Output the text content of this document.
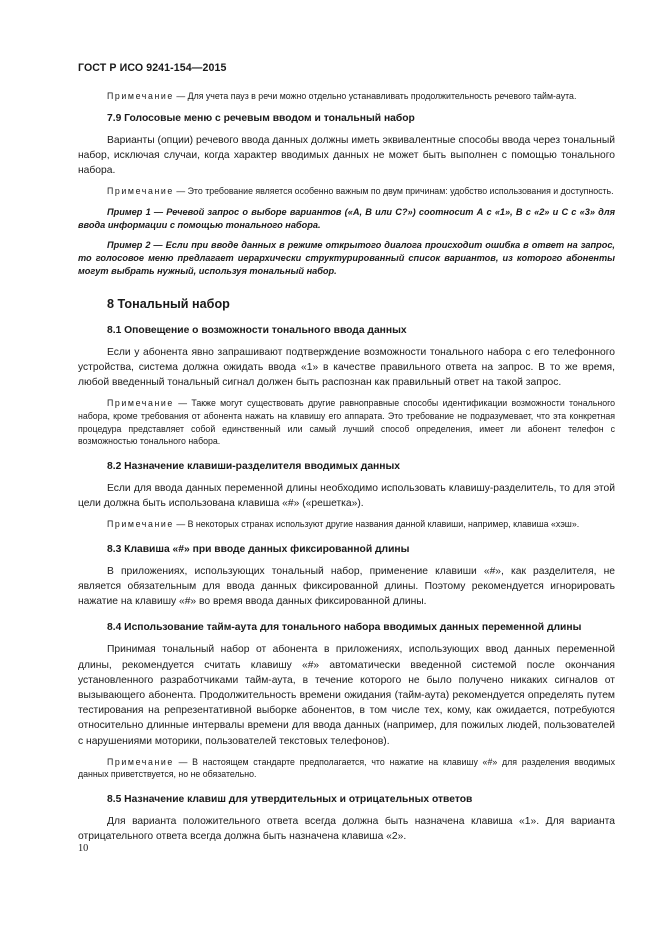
ГОСТ Р ИСО 9241-154—2015

Примечание — Для учета пауз в речи можно отдельно устанавливать продолжительность речевого тайм-аута.

7.9 Голосовые меню с речевым вводом и тональный набор

Варианты (опции) речевого ввода данных должны иметь эквивалентные способы ввода через тональный набор, исключая случаи, когда характер вводимых данных не может быть выполнен с помощью тонального набора.

Примечание — Это требование является особенно важным по двум причинам: удобство использования и доступность.

Пример 1 — Речевой запрос о выборе вариантов («А, В или С?») соотносит А с «1», В с «2» и С с «3» для ввода информации с помощью тонального набора.

Пример 2 — Если при вводе данных в режиме открытого диалога происходит ошибка в ответ на запрос, то голосовое меню предлагает иерархически структурированный список вариантов, из которого абоненты могут выбрать нужный, используя тональный набор.

8 Тональный набор
8.1 Оповещение о возможности тонального ввода данных

Если у абонента явно запрашивают подтверждение возможности тонального набора с его телефонного устройства, система должна ожидать ввода «1» в качестве правильного ответа на запрос. В то же время, любой введенный тональный сигнал должен быть распознан как правильный ответ на такой запрос.

Примечание — Также могут существовать другие равноправные способы идентификации возможности тонального набора, кроме требования от абонента нажать на клавишу его аппарата. Это требование не подразумевает, что эта конкретная процедура представляет собой единственный или самый лучший способ определения, имеет ли абонент телефон с возможностью тонального набора.

8.2 Назначение клавиши-разделителя вводимых данных

Если для ввода данных переменной длины необходимо использовать клавишу-разделитель, то для этой цели должна быть использована клавиша «#» («решетка»).

Примечание — В некоторых странах используют другие названия данной клавиши, например, клавиша «хэш».

8.3 Клавиша «#» при вводе данных фиксированной длины

В приложениях, использующих тональный набор, применение клавиши «#», как разделителя, не является обязательным для ввода данных фиксированной длины. Поэтому рекомендуется игнорировать нажатие на клавишу «#» во время ввода данных фиксированной длины.

8.4 Использование тайм-аута для тонального набора вводимых данных переменной длины

Принимая тональный набор от абонента в приложениях, использующих ввод данных переменной длины, рекомендуется считать клавишу «#» автоматически введенной системой после окончания установленного разработчиками тайм-аута, в течение которого не было получено никаких сигналов от вызывающего абонента. Продолжительность времени ожидания (тайм-аута) рекомендуется определять путем тестирования на репрезентативной выборке абонентов, в том числе тех, кому, как ожидается, потребуются относительно длинные интервалы времени для ввода данных (например, для пожилых людей, пользователей с нарушениями моторики, пользователей текстовых телефонов).

Примечание — В настоящем стандарте предполагается, что нажатие на клавишу «#» для разделения вводимых данных приветствуется, но не обязательно.

8.5 Назначение клавиш для утвердительных и отрицательных ответов

Для варианта положительного ответа всегда должна быть назначена клавиша «1». Для варианта отрицательного ответа всегда должна быть назначена клавиша «2».

10
